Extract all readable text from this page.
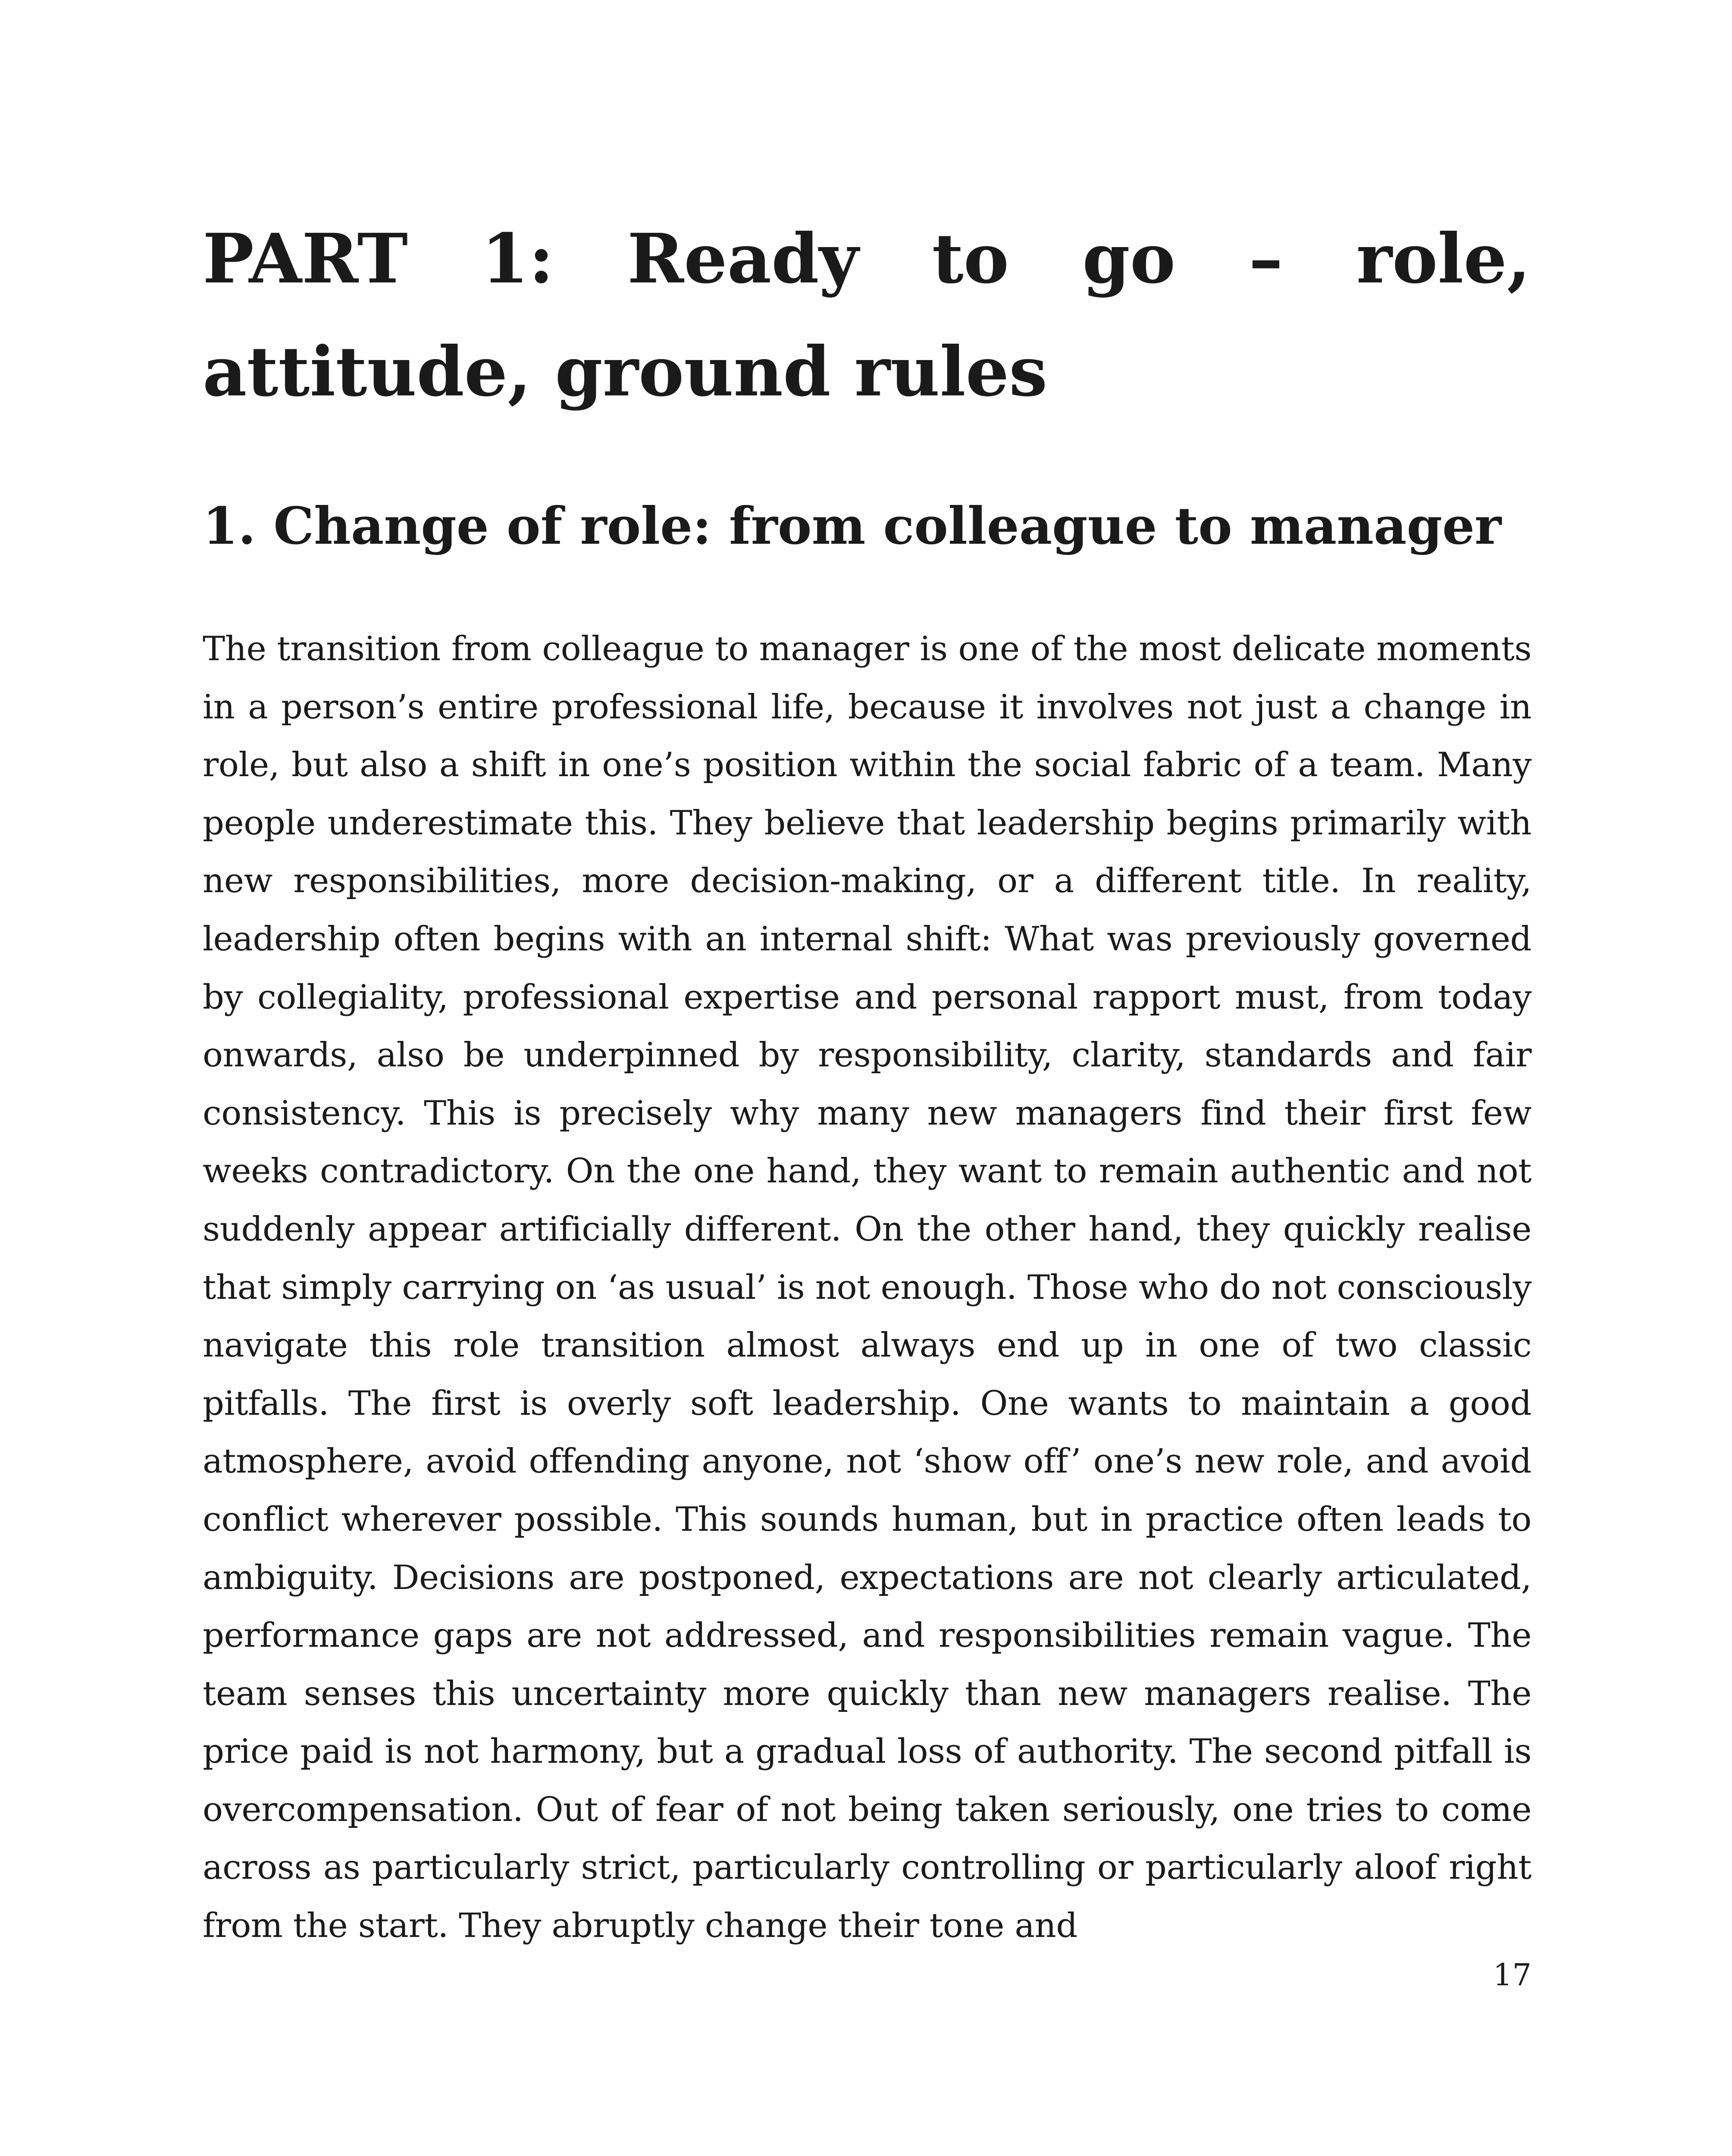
PART 1: Ready to go – role, attitude, ground rules
1. Change of role: from colleague to manager

The transition from colleague to manager is one of the most delicate moments in a person’s entire professional life, because it involves not just a change in role, but also a shift in one’s position within the social fabric of a team. Many people underestimate this. They believe that leadership begins primarily with new responsibilities, more decision-making, or a different title. In reality, leadership often begins with an internal shift: What was previously governed by collegiality, professional expertise and personal rapport must, from today onwards, also be underpinned by responsibility, clarity, standards and fair consistency. This is precisely why many new managers find their first few weeks contradictory. On the one hand, they want to remain authentic and not suddenly appear artificially different. On the other hand, they quickly realise that simply carrying on ‘as usual’ is not enough. Those who do not consciously navigate this role transition almost always end up in one of two classic pitfalls. The first is overly soft leadership. One wants to maintain a good atmosphere, avoid offending anyone, not ‘show off’ one’s new role, and avoid conflict wherever possible. This sounds human, but in practice often leads to ambiguity. Decisions are postponed, expectations are not clearly articulated, performance gaps are not addressed, and responsibilities remain vague. The team senses this uncertainty more quickly than new managers realise. The price paid is not harmony, but a gradual loss of authority. The second pitfall is overcompensation. Out of fear of not being taken seriously, one tries to come across as particularly strict, particularly controlling or particularly aloof right from the start. They abruptly change their tone and

17
